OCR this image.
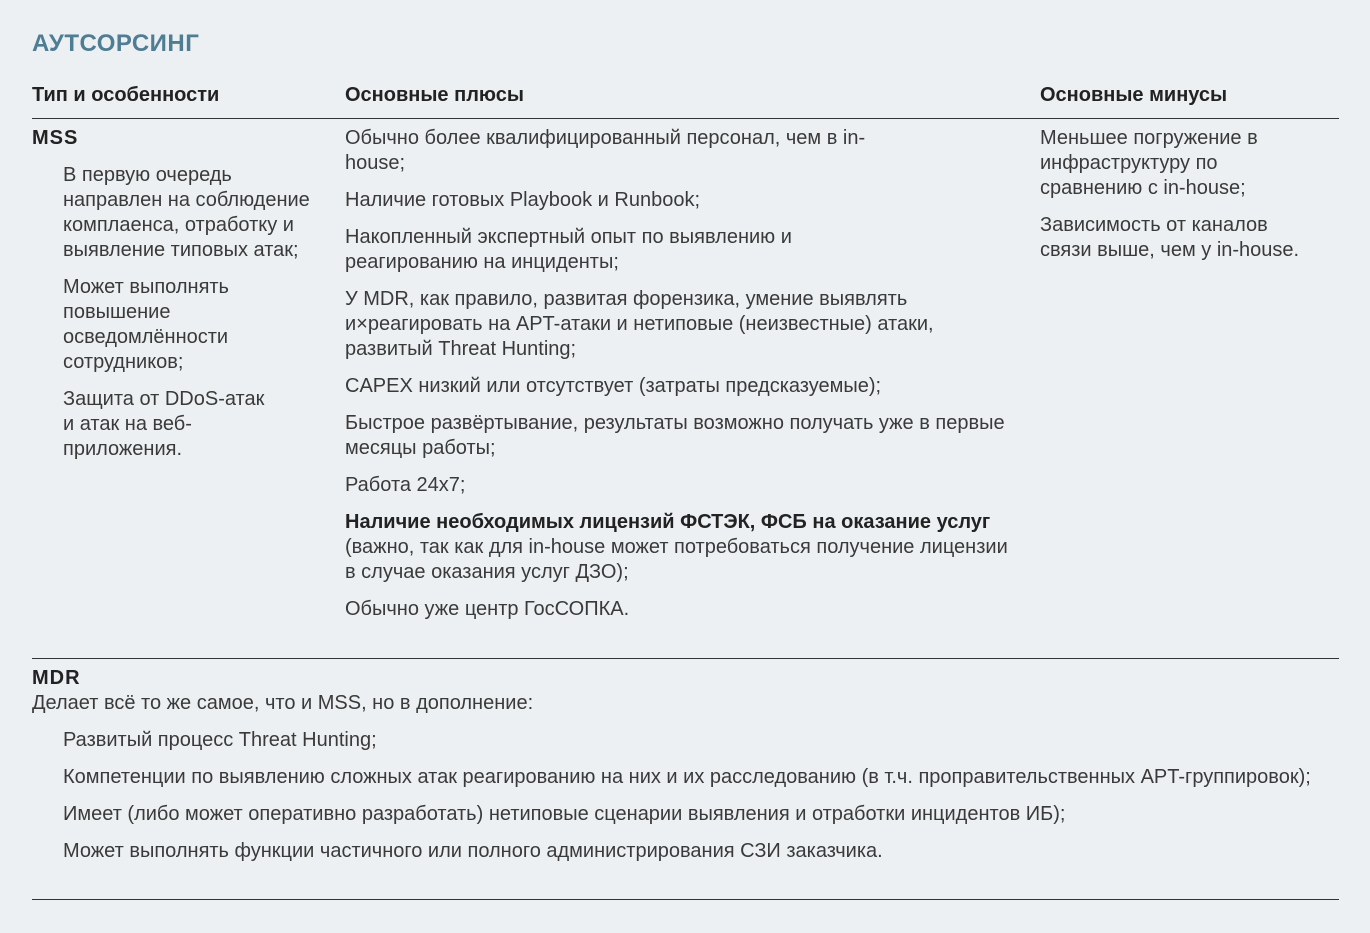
АУТСОРСИНГ
Тип и особенности	Основные плюсы	Основные минусы
MSS

В первую очередь направлен на соблюдение комплаенса, отработку и выявление типовых атак;

Может выполнять повышение осведомлённости сотрудников;

Защита от DDoS-атак и атак на веб-приложения.

Обычно более квалифицированный персонал, чем в in-house;

Наличие готовых Playbook и Runbook;

Накопленный экспертный опыт по выявлению и реагированию на инциденты;

У MDR, как правило, развитая форензика, умение выявлять и×реагировать на APT-атаки и нетиповые (неизвестные) атаки, развитый Threat Hunting;

CAPEX низкий или отсутствует (затраты предсказуемые);

Быстрое развёртывание, результаты возможно получать уже в первые месяцы работы;

Работа 24x7;

Наличие необходимых лицензий ФСТЭК, ФСБ на оказание услуг (важно, так как для in-house может потребоваться получение лицензии в случае оказания услуг ДЗО);

Обычно уже центр ГосСОПКА.

Меньшее погружение в инфраструктуру по сравнению с in-house;

Зависимость от каналов связи выше, чем у in-house.

MDR

Делает всё то же самое, что и MSS, но в дополнение:

Развитый процесс Threat Hunting;

Компетенции по выявлению сложных атак реагированию на них и их расследованию (в т.ч. проправительственных APT-группировок);

Имеет (либо может оперативно разработать) нетиповые сценарии выявления и отработки инцидентов ИБ);

Может выполнять функции частичного или полного администрирования СЗИ заказчика.
